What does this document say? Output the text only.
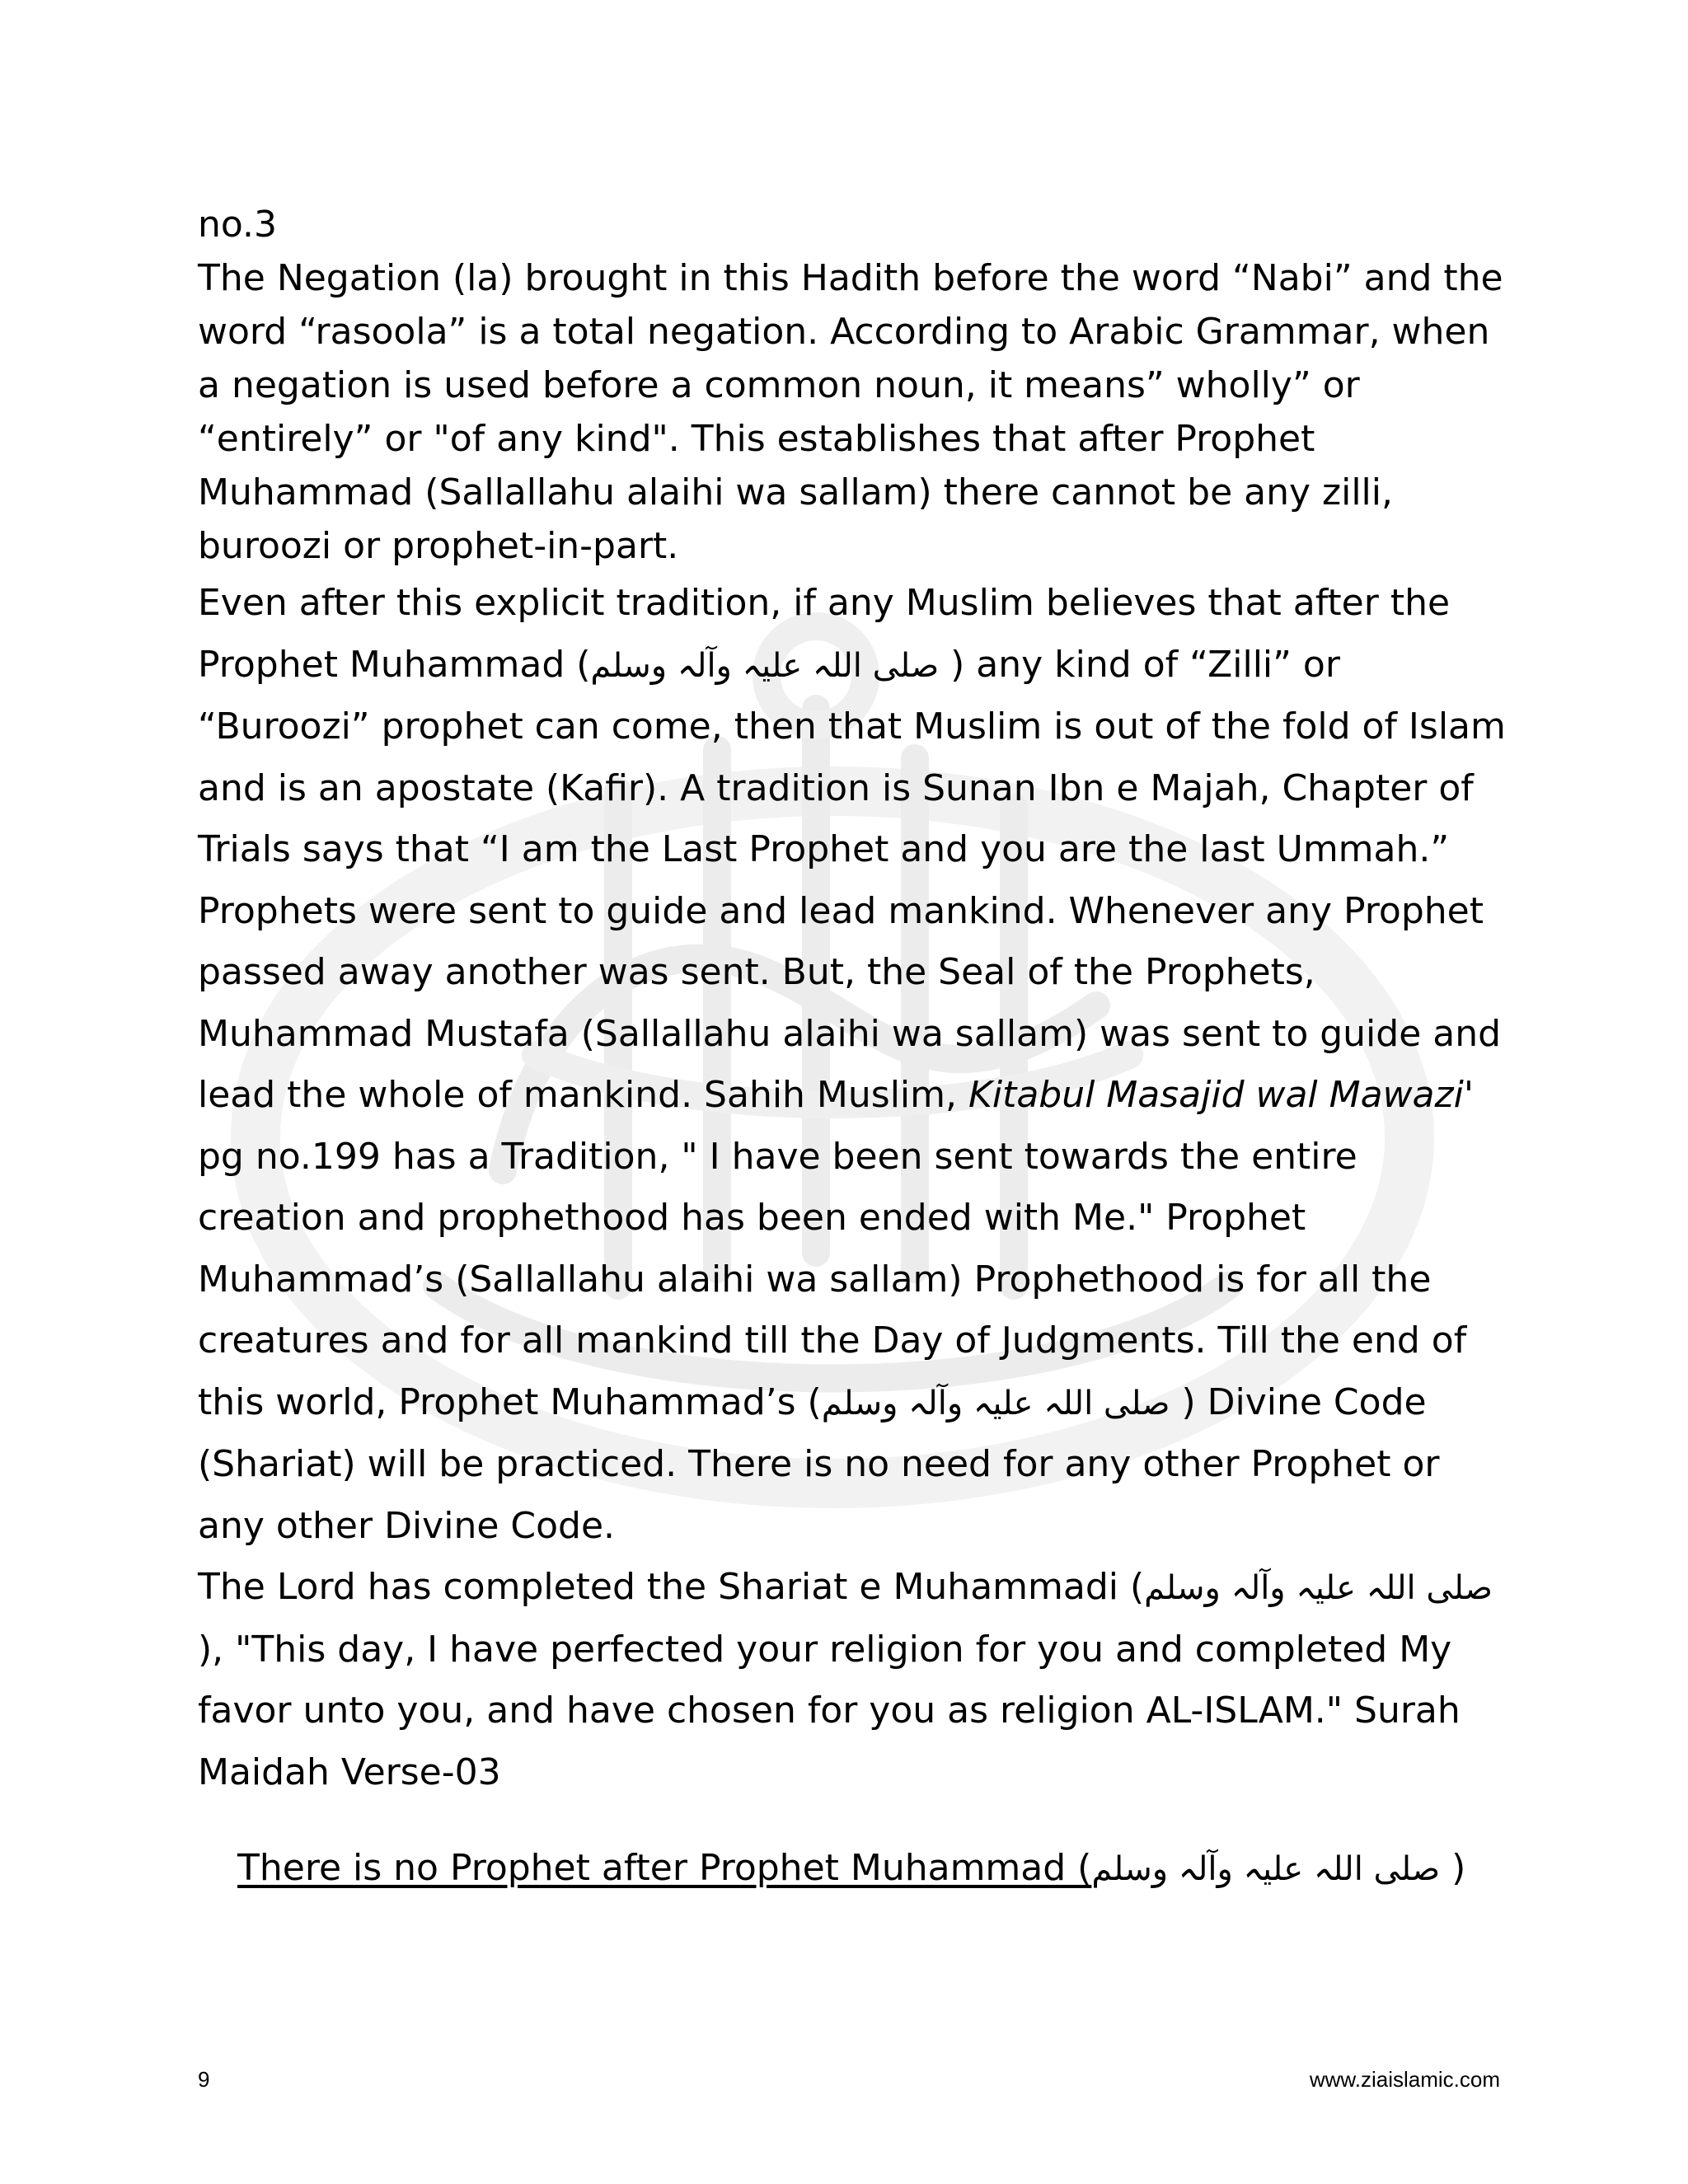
no.3

The Negation (la) brought in this Hadith before the word “Nabi” and the word “rasoola” is a total negation. According to Arabic Grammar, when a negation is used before a common noun, it means” wholly” or “entirely” or "of any kind". This establishes that after Prophet Muhammad (Sallallahu alaihi wa sallam) there cannot be any zilli, buroozi or prophet-in-part.

Even after this explicit tradition, if any Muslim believes that after the Prophet Muhammad (صلی اللہ علیہ وآلہ وسلم ) any kind of “Zilli” or “Buroozi” prophet can come, then that Muslim is out of the fold of Islam and is an apostate (Kafir). A tradition is Sunan Ibn e Majah, Chapter of Trials says that “I am the Last Prophet and you are the last Ummah.” Prophets were sent to guide and lead mankind. Whenever any Prophet passed away another was sent. But, the Seal of the Prophets, Muhammad Mustafa (Sallallahu alaihi wa sallam) was sent to guide and lead the whole of mankind. Sahih Muslim, Kitabul Masajid wal Mawazi' pg no.199 has a Tradition, " I have been sent towards the entire creation and prophethood has been ended with Me." Prophet Muhammad’s (Sallallahu alaihi wa sallam) Prophethood is for all the creatures and for all mankind till the Day of Judgments. Till the end of this world, Prophet Muhammad’s (صلی اللہ علیہ وآلہ وسلم ) Divine Code (Shariat) will be practiced. There is no need for any other Prophet or any other Divine Code.

The Lord has completed the Shariat e Muhammadi (صلی اللہ علیہ وآلہ وسلم ), "This day, I have perfected your religion for you and completed My favor unto you, and have chosen for you as religion AL-ISLAM." Surah Maidah Verse-03

There is no Prophet after Prophet Muhammad (صلی اللہ علیہ وآلہ وسلم )

9	www.ziaislamic.com
